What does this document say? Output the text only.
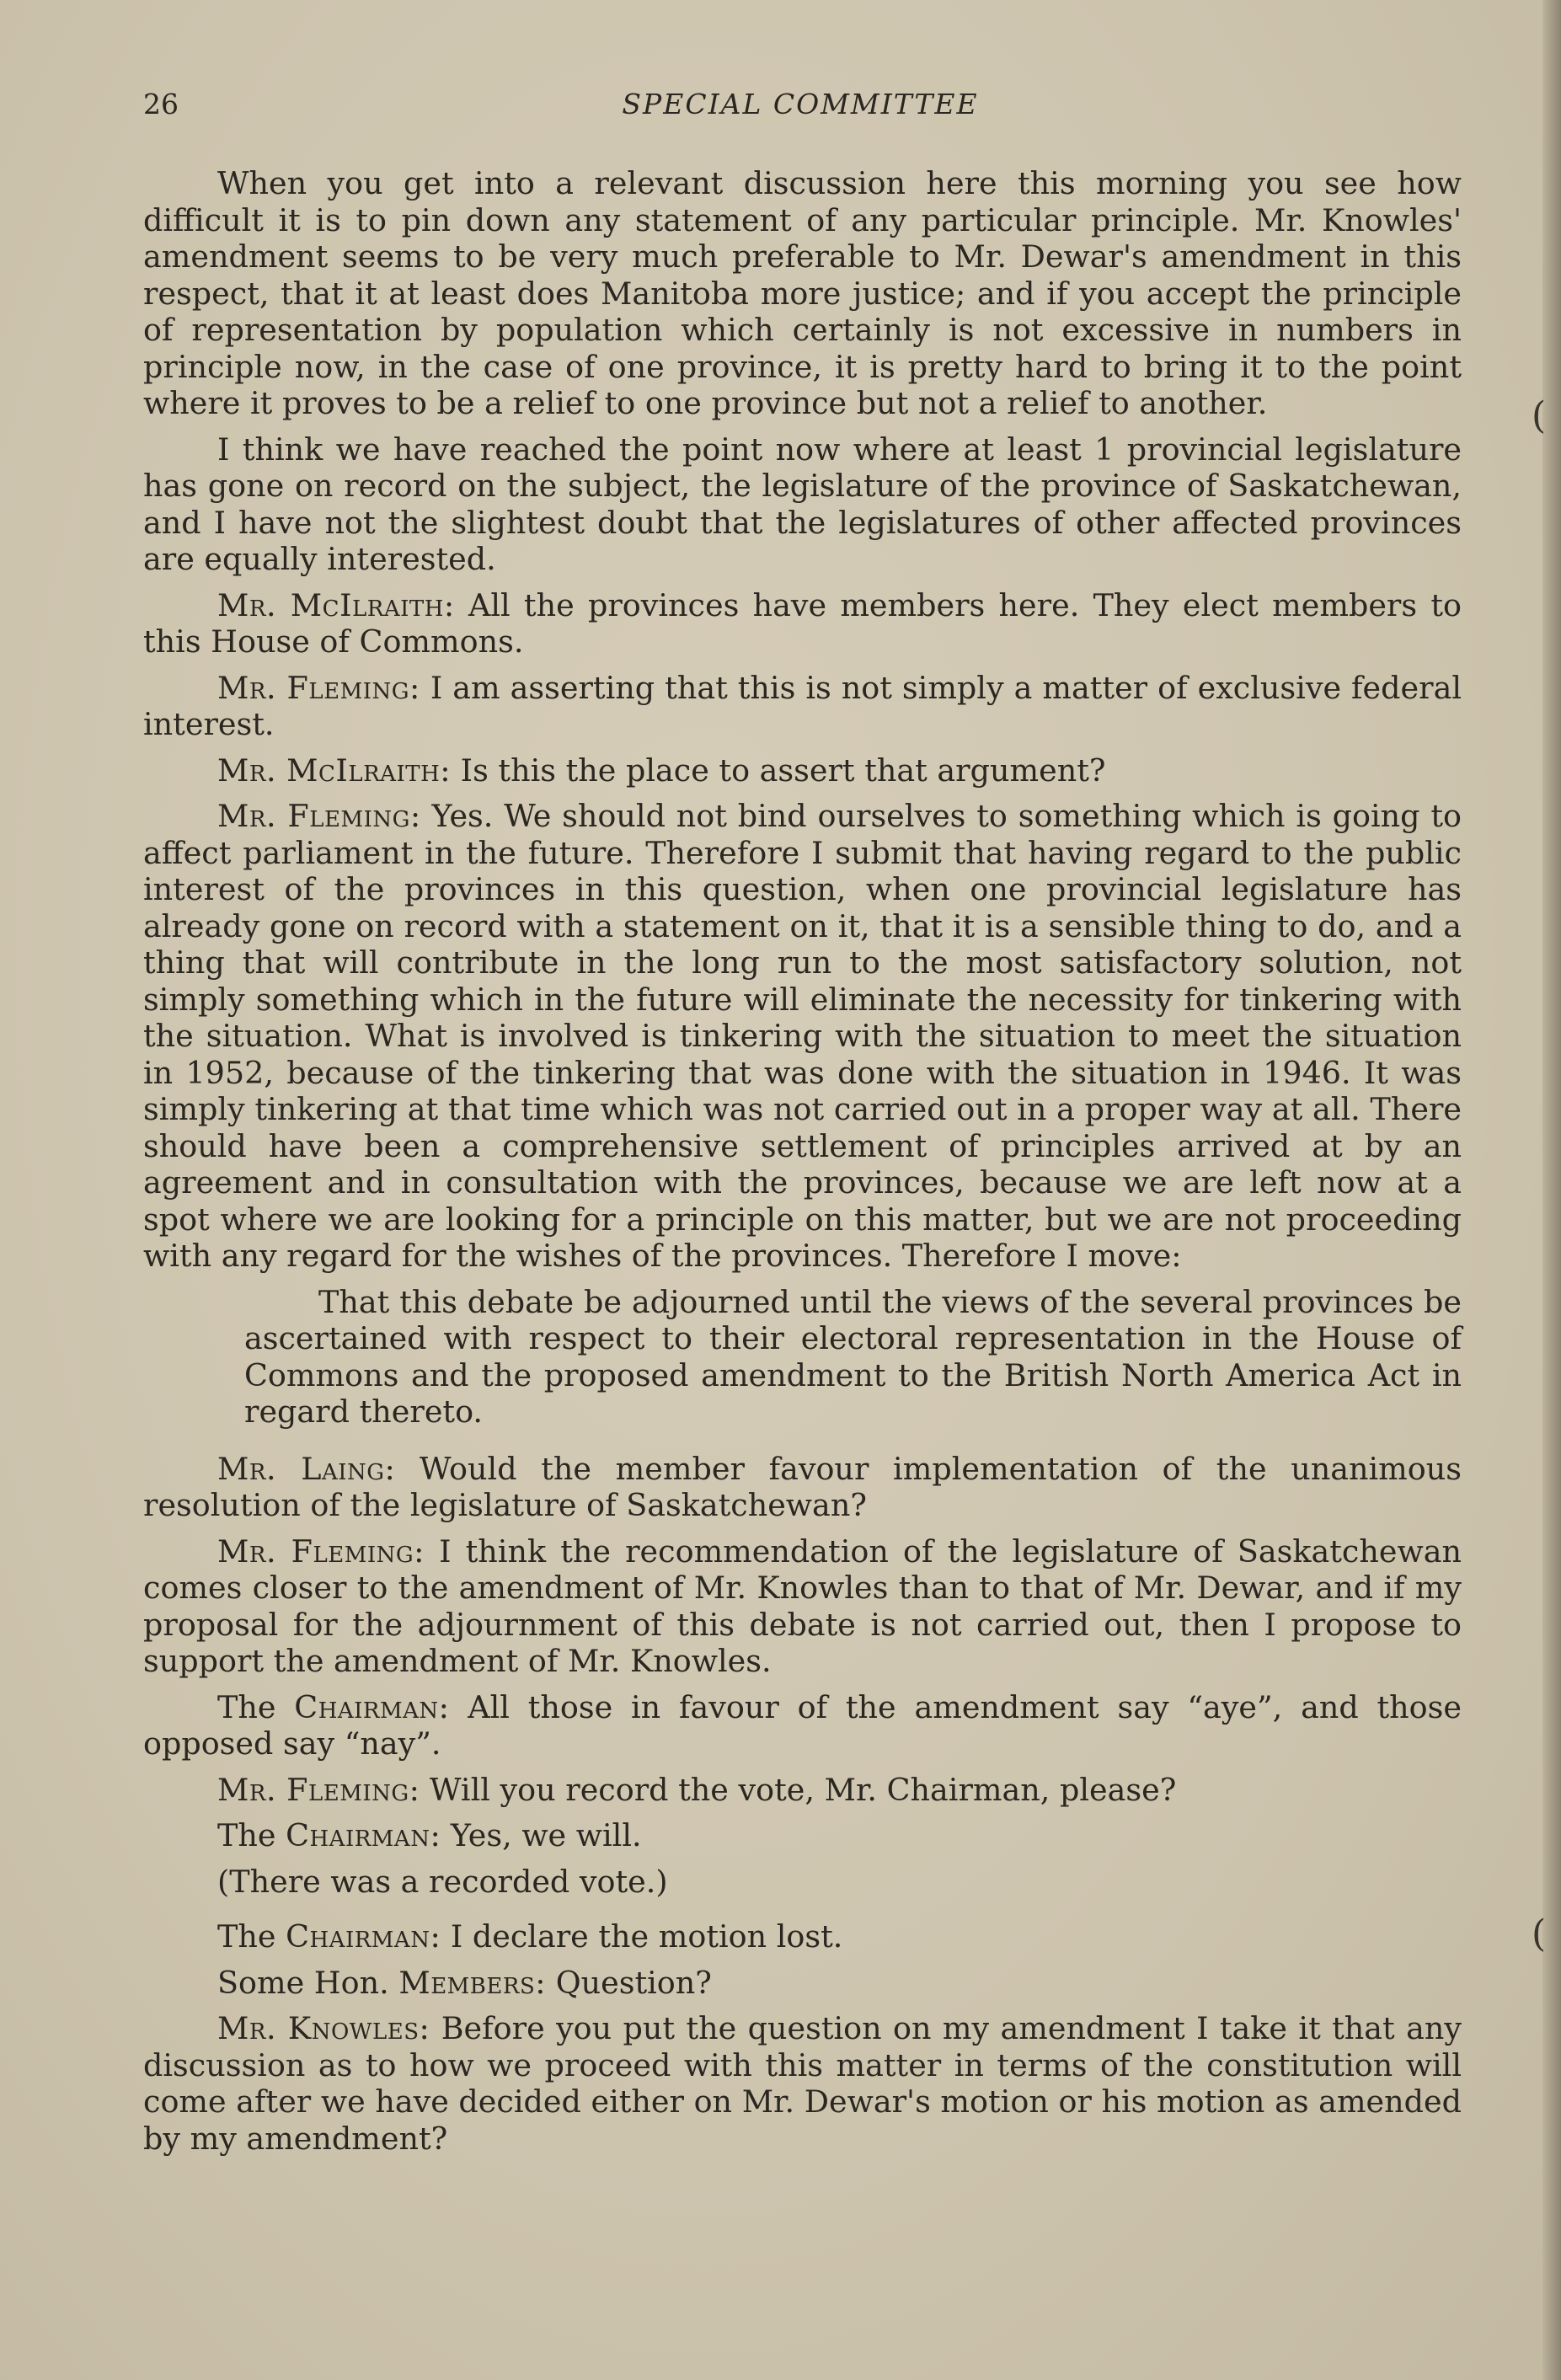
26	SPECIAL COMMITTEE

When you get into a relevant discussion here this morning you see how difficult it is to pin down any statement of any particular principle. Mr. Knowles' amendment seems to be very much preferable to Mr. Dewar's amendment in this respect, that it at least does Manitoba more justice; and if you accept the principle of representation by population which certainly is not excessive in numbers in principle now, in the case of one province, it is pretty hard to bring it to the point where it proves to be a relief to one province but not a relief to another.

I think we have reached the point now where at least 1 provincial legislature has gone on record on the subject, the legislature of the province of Saskatchewan, and I have not the slightest doubt that the legislatures of other affected provinces are equally interested.

Mr. McIlraith: All the provinces have members here. They elect members to this House of Commons.

Mr. Fleming: I am asserting that this is not simply a matter of exclusive federal interest.

Mr. McIlraith: Is this the place to assert that argument?

Mr. Fleming: Yes. We should not bind ourselves to something which is going to affect parliament in the future. Therefore I submit that having regard to the public interest of the provinces in this question, when one provincial legislature has already gone on record with a statement on it, that it is a sensible thing to do, and a thing that will contribute in the long run to the most satisfactory solution, not simply something which in the future will eliminate the necessity for tinkering with the situation. What is involved is tinkering with the situation to meet the situation in 1952, because of the tinkering that was done with the situation in 1946. It was simply tinkering at that time which was not carried out in a proper way at all. There should have been a comprehensive settlement of principles arrived at by an agreement and in consultation with the provinces, because we are left now at a spot where we are looking for a principle on this matter, but we are not proceeding with any regard for the wishes of the provinces. Therefore I move:

That this debate be adjourned until the views of the several provinces be ascertained with respect to their electoral representation in the House of Commons and the proposed amendment to the British North America Act in regard thereto.

Mr. Laing: Would the member favour implementation of the unanimous resolution of the legislature of Saskatchewan?

Mr. Fleming: I think the recommendation of the legislature of Saskatchewan comes closer to the amendment of Mr. Knowles than to that of Mr. Dewar, and if my proposal for the adjournment of this debate is not carried out, then I propose to support the amendment of Mr. Knowles.

The Chairman: All those in favour of the amendment say “aye”, and those opposed say “nay”.

Mr. Fleming: Will you record the vote, Mr. Chairman, please?

The Chairman: Yes, we will.

(There was a recorded vote.)

The Chairman: I declare the motion lost.

Some Hon. Members: Question?

Mr. Knowles: Before you put the question on my amendment I take it that any discussion as to how we proceed with this matter in terms of the constitution will come after we have decided either on Mr. Dewar's motion or his motion as amended by my amendment?

(
(
